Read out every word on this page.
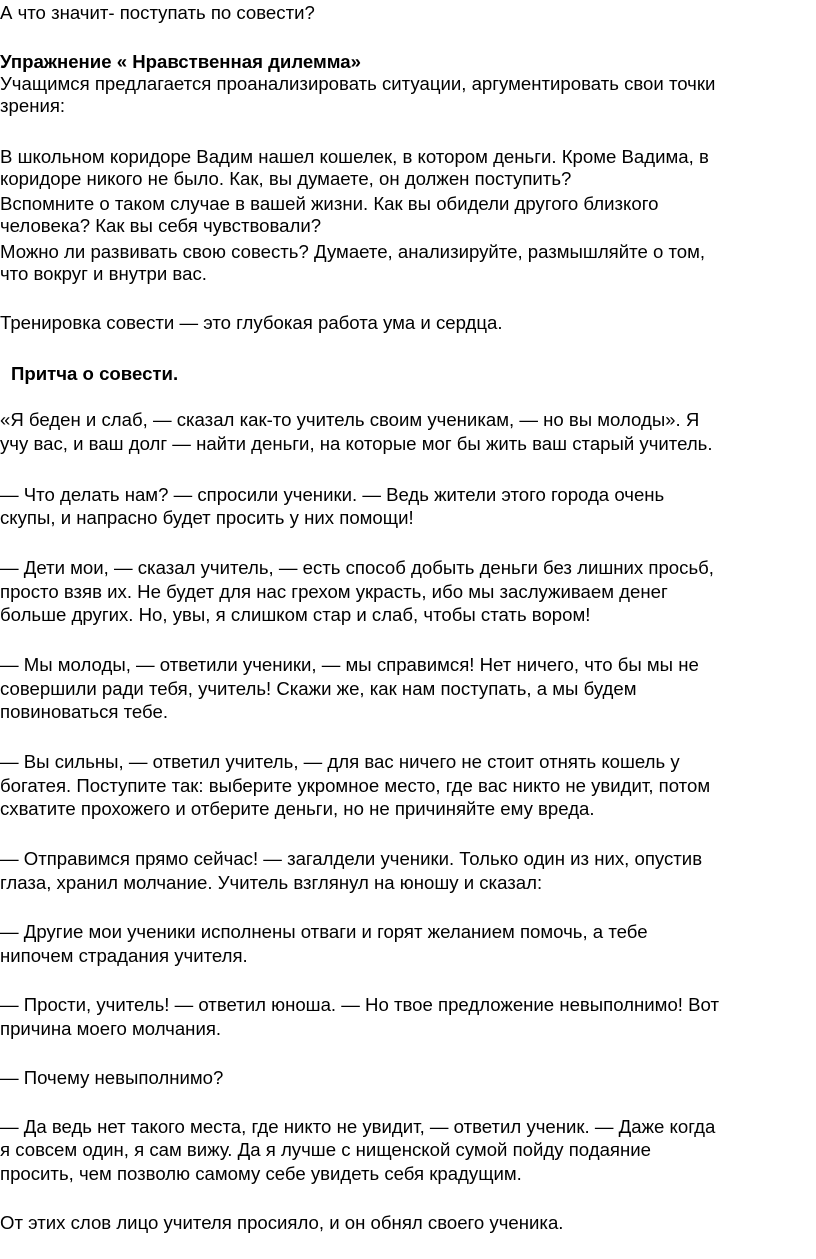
А что значит- поступать по совести?
Упражнение « Нравственная дилемма»
Учащимся предлагается проанализировать ситуации, аргументировать свои точки
зрения:
В школьном коридоре Вадим нашел кошелек, в котором деньги. Кроме Вадима, в
коридоре никого не было. Как, вы думаете, он должен поступить?
Вспомните о таком случае в вашей жизни. Как вы обидели другого близкого
человека? Как вы себя чувствовали?
Можно ли развивать свою совесть? Думаете, анализируйте, размышляйте о том,
что вокруг и внутри вас.
Тренировка совести — это глубокая работа ума и сердца.
Притча о совести.
«Я беден и слаб, — сказал как-то учитель своим ученикам, — но вы молоды». Я
учу вас, и ваш долг — найти деньги, на которые мог бы жить ваш старый учитель.
— Что делать нам? — спросили ученики. — Ведь жители этого города очень
скупы, и напрасно будет просить у них помощи!
— Дети мои, — сказал учитель, — есть способ добыть деньги без лишних просьб,
просто взяв их. Не будет для нас грехом украсть, ибо мы заслуживаем денег
больше других. Но, увы, я слишком стар и слаб, чтобы стать вором!
— Мы молоды, — ответили ученики, — мы справимся! Нет ничего, что бы мы не
совершили ради тебя, учитель! Скажи же, как нам поступать, а мы будем
повиноваться тебе.
— Вы сильны, — ответил учитель, — для вас ничего не стоит отнять кошель у
богатея. Поступите так: выберите укромное место, где вас никто не увидит, потом
схватите прохожего и отберите деньги, но не причиняйте ему вреда.
— Отправимся прямо сейчас! — загалдели ученики. Только один из них, опустив
глаза, хранил молчание. Учитель взглянул на юношу и сказал:
— Другие мои ученики исполнены отваги и горят желанием помочь, а тебе
нипочем страдания учителя.
— Прости, учитель! — ответил юноша. — Но твое предложение невыполнимо! Вот
причина моего молчания.
— Почему невыполнимо?
— Да ведь нет такого места, где никто не увидит, — ответил ученик. — Даже когда
я совсем один, я сам вижу. Да я лучше с нищенской сумой пойду подаяние
просить, чем позволю самому себе увидеть себя крадущим.
От этих слов лицо учителя просияло, и он обнял своего ученика.
